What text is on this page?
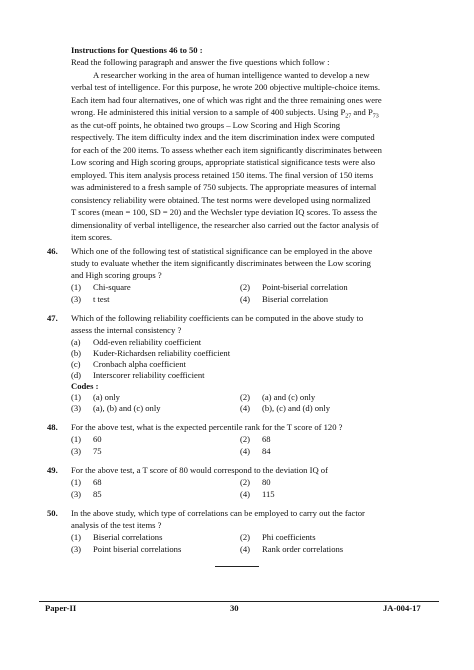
Instructions for Questions 46 to 50 :
Read the following paragraph and answer the five questions which follow :
A researcher working in the area of human intelligence wanted to develop a new
verbal test of intelligence. For this purpose, he wrote 200 objective multiple-choice items.
Each item had four alternatives, one of which was right and the three remaining ones were
wrong. He administered this initial version to a sample of 400 subjects. Using $P_{27}$ and $P_{73}$
as the cut-off points, he obtained two groups – Low Scoring and High Scoring
respectively. The item difficulty index and the item discrimination index were computed
for each of the 200 items. To assess whether each item significantly discriminates between
Low scoring and High scoring groups, appropriate statistical significance tests were also
employed. This item analysis process retained 150 items. The final version of 150 items
was administered to a fresh sample of 750 subjects. The appropriate measures of internal
consistency reliability were obtained. The test norms were developed using normalized
T scores (mean = 100, SD = 20) and the Wechsler type deviation IQ scores. To assess the
dimensionality of verbal intelligence, the researcher also carried out the factor analysis of
item scores.
46. Which one of the following test of statistical significance can be employed in the above
study to evaluate whether the item significantly discriminates between the Low scoring
and High scoring groups ?
(1) Chi-square	(2) Point-biserial correlation
(3) t test	(4) Biserial correlation
47. Which of the following reliability coefficients can be computed in the above study to
assess the internal consistency ?
(a) Odd-even reliability coefficient
(b) Kuder-Richardsen reliability coefficient
(c) Cronbach alpha coefficient
(d) Interscorer reliability coefficient
Codes :
(1) (a) only	(2) (a) and (c) only
(3) (a), (b) and (c) only	(4) (b), (c) and (d) only
48. For the above test, what is the expected percentile rank for the T score of 120 ?
(1) 60	(2) 68
(3) 75	(4) 84
49. For the above test, a T score of 80 would correspond to the deviation IQ of
(1) 68	(2) 80
(3) 85	(4) 115
50. In the above study, which type of correlations can be employed to carry out the factor
analysis of the test items ?
(1) Biserial correlations	(2) Phi coefficients
(3) Point biserial correlations	(4) Rank order correlations
Paper-II	30	JA-004-17
